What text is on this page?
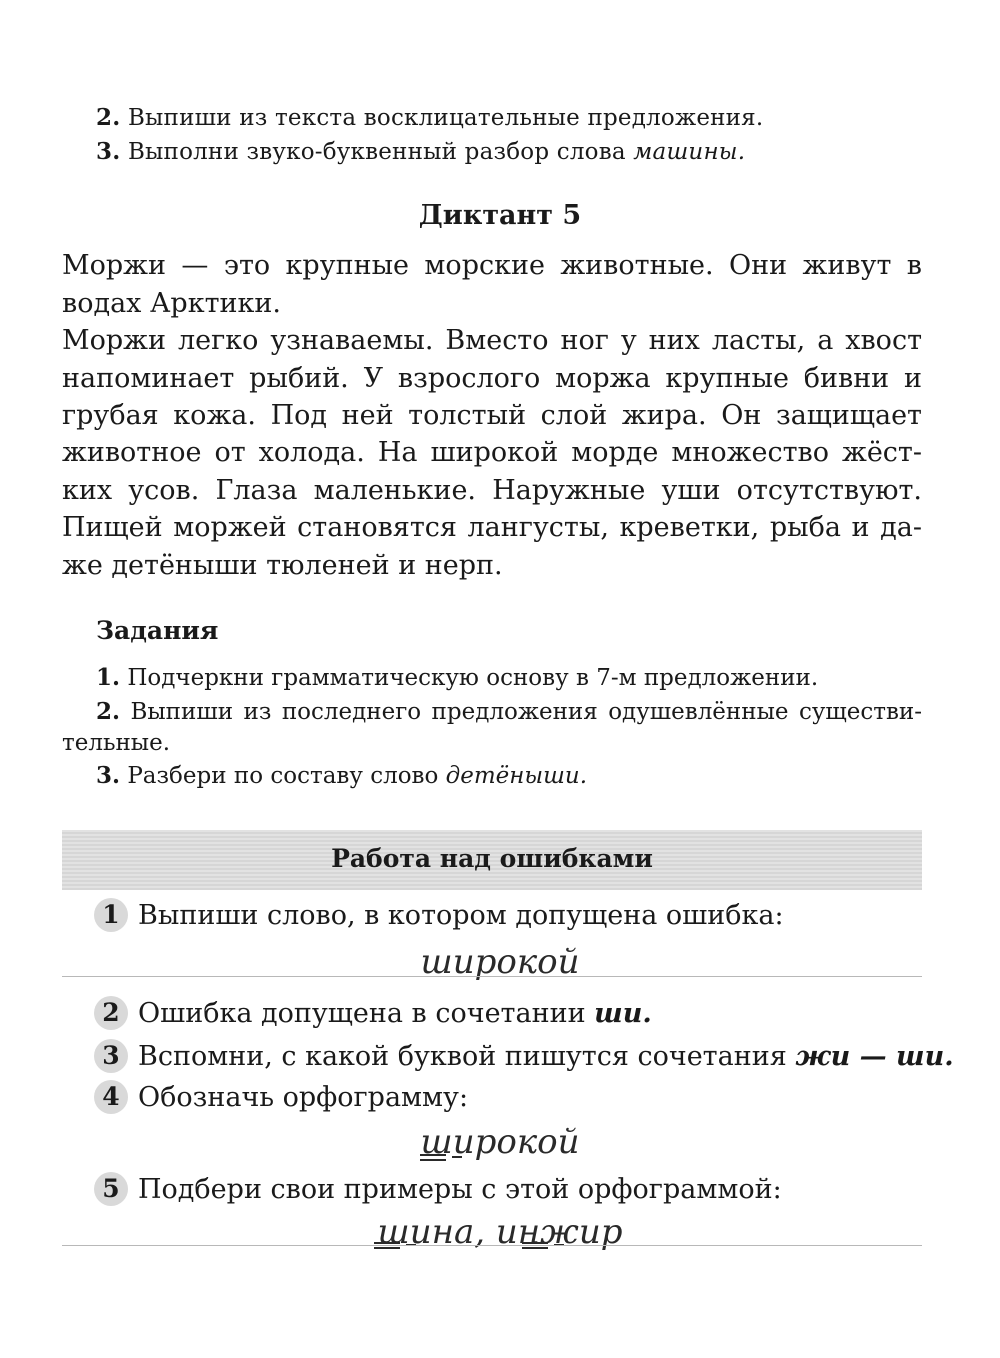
2. Выпиши из текста восклицательные предложения.
3. Выполни звуко-буквенный разбор слова машины.
Диктант 5
Моржи — это крупные морские животные. Они живут в
водах Арктики.
Моржи легко узнаваемы. Вместо ног у них ласты, а хвост
напоминает рыбий. У взрослого моржа крупные бивни и
грубая кожа. Под ней толстый слой жира. Он защищает
животное от холода. На широкой морде множество жёст-
ких усов. Глаза маленькие. Наружные уши отсутствуют.
Пищей моржей становятся лангусты, креветки, рыба и да-
же детёныши тюленей и нерп.
Задания
1. Подчеркни грамматическую основу в 7-м предложении.
2. Выпиши из последнего предложения одушевлённые существи-
тельные.
3. Разбери по составу слово детёныши.
Работа над ошибками
1 Выпиши слово, в котором допущена ошибка:
широкой
2 Ошибка допущена в сочетании
ши.
3 Вспомни, с какой буквой пишутся сочетания
жи — ши.
4 Обозначь орфограмму:
широкой
5 Подбери свои примеры с этой орфограммой:
шина, инжир
